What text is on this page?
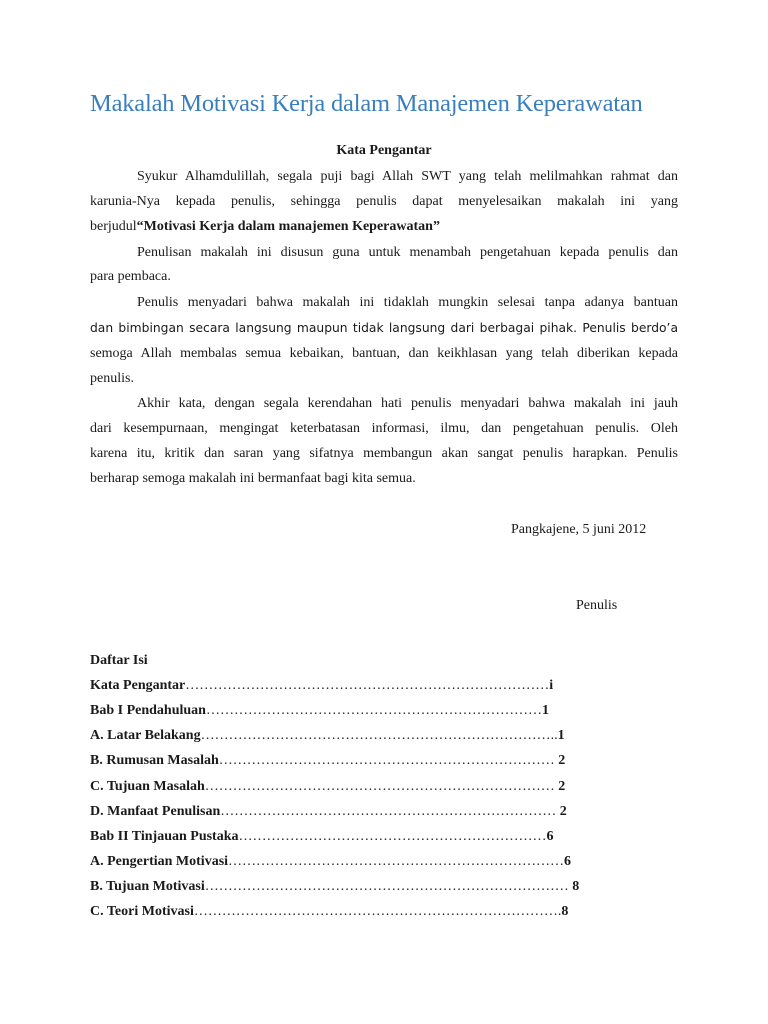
Makalah Motivasi Kerja dalam Manajemen Keperawatan
Kata Pengantar
Syukur Alhamdulillah, segala puji bagi Allah SWT yang telah melilmahkan rahmat dan
karunia-Nya kepada penulis, sehingga penulis dapat menyelesaikan makalah ini yang
berjudul“Motivasi Kerja dalam manajemen Keperawatan”
Penulisan makalah ini disusun guna untuk menambah pengetahuan kepada penulis dan
para pembaca.
Penulis menyadari bahwa makalah ini tidaklah mungkin selesai tanpa adanya bantuan
dan bimbingan secara langsung maupun tidak langsung dari berbagai pihak. Penulis berdo’a
semoga Allah membalas semua kebaikan, bantuan, dan keikhlasan yang telah diberikan kepada
penulis.
Akhir kata, dengan segala kerendahan hati penulis menyadari bahwa makalah ini jauh
dari kesempurnaan, mengingat keterbatasan informasi, ilmu, dan pengetahuan penulis. Oleh
karena itu, kritik dan saran yang sifatnya membangun akan sangat penulis harapkan. Penulis
berharap semoga makalah ini bermanfaat bagi kita semua.
Pangkajene, 5 juni 2012
Penulis
Daftar Isi
Kata Pengantar……………………………………………………………………i
Bab I Pendahuluan………………………………………………………………1
A. Latar Belakang…………………………………………………………………..1
B. Rumusan Masalah……………………………………………………………… 2
C. Tujuan Masalah………………………………………………………………… 2
D. Manfaat Penulisan……………………………………………………………… 2
Bab II Tinjauan Pustaka…………………………………………………………6
A. Pengertian Motivasi………………………………………………………………6
B. Tujuan Motivasi…………………………………………………………………… 8
C. Teori Motivasi…………………………………………………………………….8
